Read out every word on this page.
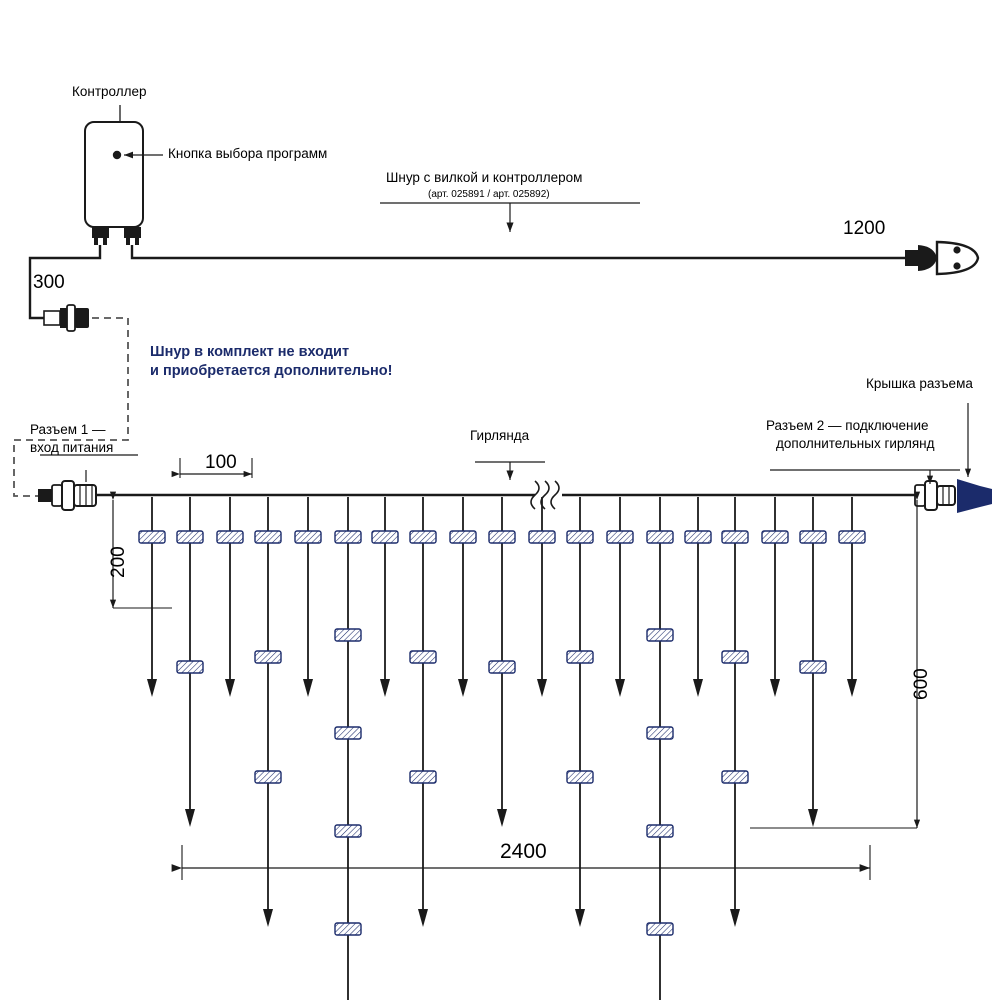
Контроллер
Кнопка выбора программ
Шнур с вилкой и контроллером
(арт. 025891 / арт. 025892)
1200
300
Шнур в комплект не входит
и приобретается дополнительно!
Разъем 1 —
вход питания
Гирлянда
Крышка разъема
Разъем 2 — подключение
дополнительных гирлянд
100
200
600
2400
